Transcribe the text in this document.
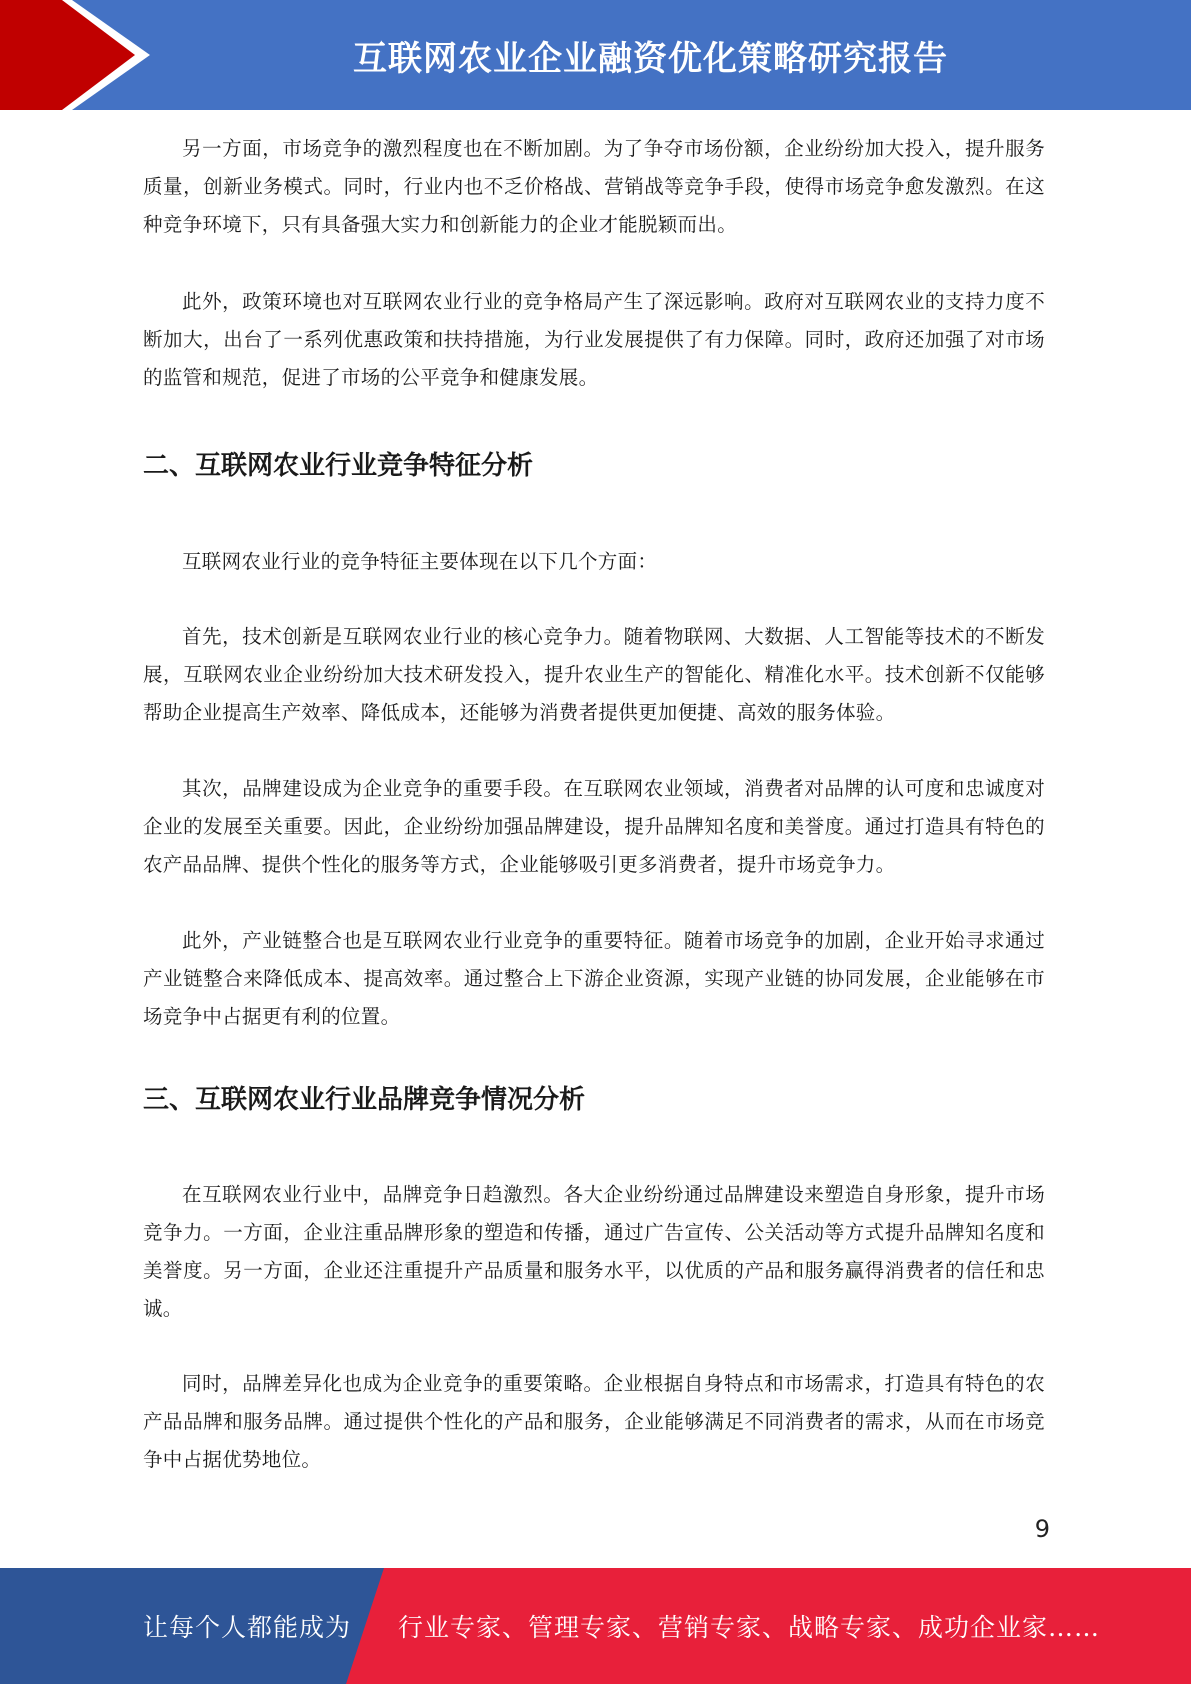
互联网农业企业融资优化策略研究报告

另一方面，市场竞争的激烈程度也在不断加剧。为了争夺市场份额，企业纷纷加大投入，提升服务质量，创新业务模式。同时，行业内也不乏价格战、营销战等竞争手段，使得市场竞争愈发激烈。在这种竞争环境下，只有具备强大实力和创新能力的企业才能脱颖而出。

此外，政策环境也对互联网农业行业的竞争格局产生了深远影响。政府对互联网农业的支持力度不断加大，出台了一系列优惠政策和扶持措施，为行业发展提供了有力保障。同时，政府还加强了对市场的监管和规范，促进了市场的公平竞争和健康发展。

二、互联网农业行业竞争特征分析

互联网农业行业的竞争特征主要体现在以下几个方面：

首先，技术创新是互联网农业行业的核心竞争力。随着物联网、大数据、人工智能等技术的不断发展，互联网农业企业纷纷加大技术研发投入，提升农业生产的智能化、精准化水平。技术创新不仅能够帮助企业提高生产效率、降低成本，还能够为消费者提供更加便捷、高效的服务体验。

其次，品牌建设成为企业竞争的重要手段。在互联网农业领域，消费者对品牌的认可度和忠诚度对企业的发展至关重要。因此，企业纷纷加强品牌建设，提升品牌知名度和美誉度。通过打造具有特色的农产品品牌、提供个性化的服务等方式，企业能够吸引更多消费者，提升市场竞争力。

此外，产业链整合也是互联网农业行业竞争的重要特征。随着市场竞争的加剧，企业开始寻求通过产业链整合来降低成本、提高效率。通过整合上下游企业资源，实现产业链的协同发展，企业能够在市场竞争中占据更有利的位置。

三、互联网农业行业品牌竞争情况分析

在互联网农业行业中，品牌竞争日趋激烈。各大企业纷纷通过品牌建设来塑造自身形象，提升市场竞争力。一方面，企业注重品牌形象的塑造和传播，通过广告宣传、公关活动等方式提升品牌知名度和美誉度。另一方面，企业还注重提升产品质量和服务水平，以优质的产品和服务赢得消费者的信任和忠诚。

同时，品牌差异化也成为企业竞争的重要策略。企业根据自身特点和市场需求，打造具有特色的农产品品牌和服务品牌。通过提供个性化的产品和服务，企业能够满足不同消费者的需求，从而在市场竞争中占据优势地位。

9
让每个人都能成为 行业专家、管理专家、营销专家、战略专家、成功企业家……
